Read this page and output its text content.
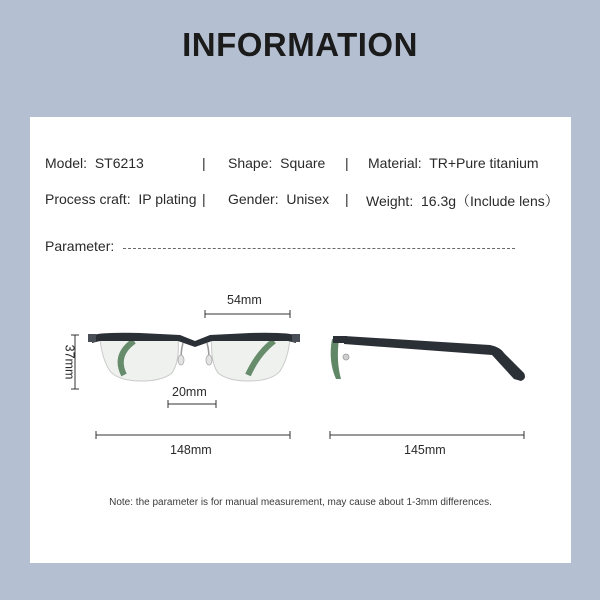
INFORMATION
Model: ST6213	| Shape: Square | Material: TR+Pure titanium
Process craft: IP plating | Gender: Unisex | Weight: 16.3g（Include lens）
Parameter:
54mm
37mm
20mm
148mm	145mm
Note: the parameter is for manual measurement, may cause about 1-3mm differences.
